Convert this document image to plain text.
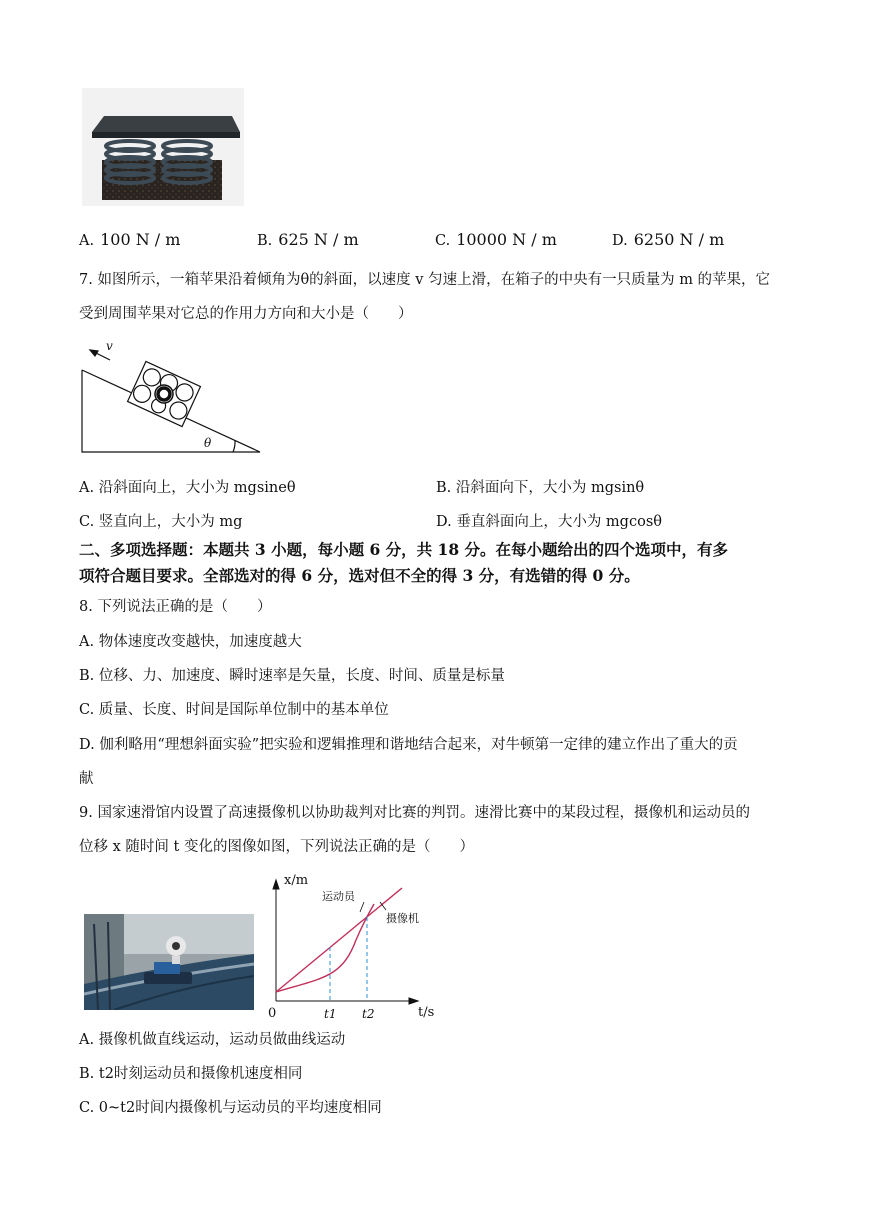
A. 100 N / m	B. 625 N / m	C. 10000 N / m	D. 6250 N / m
7. 如图所示，一箱苹果沿着倾角为θ的斜面，以速度 v 匀速上滑，在箱子的中央有一只质量为 m 的苹果，它
受到周围苹果对它总的作用力方向和大小是（　　）
v
θ
A. 沿斜面向上，大小为 mgsineθ	B. 沿斜面向下，大小为 mgsinθ
C. 竖直向上，大小为 mg	D. 垂直斜面向上，大小为 mgcosθ
二、多项选择题：本题共 3 小题，每小题 6 分，共 18 分。在每小题给出的四个选项中，有多
项符合题目要求。全部选对的得 6 分，选对但不全的得 3 分，有选错的得 0 分。
8. 下列说法正确的是（　　）
A. 物体速度改变越快，加速度越大
B. 位移、力、加速度、瞬时速率是矢量，长度、时间、质量是标量
C. 质量、长度、时间是国际单位制中的基本单位
D. 伽利略用“理想斜面实验”把实验和逻辑推理和谐地结合起来，对牛顿第一定律的建立作出了重大的贡
献
9. 国家速滑馆内设置了高速摄像机以协助裁判对比赛的判罚。速滑比赛中的某段过程，摄像机和运动员的
位移 x 随时间 t 变化的图像如图，下列说法正确的是（　　）
x/m
t/s
0	t1 t2
运动员
摄像机
A. 摄像机做直线运动，运动员做曲线运动
B. t2时刻运动员和摄像机速度相同
C. 0~t2时间内摄像机与运动员的平均速度相同
